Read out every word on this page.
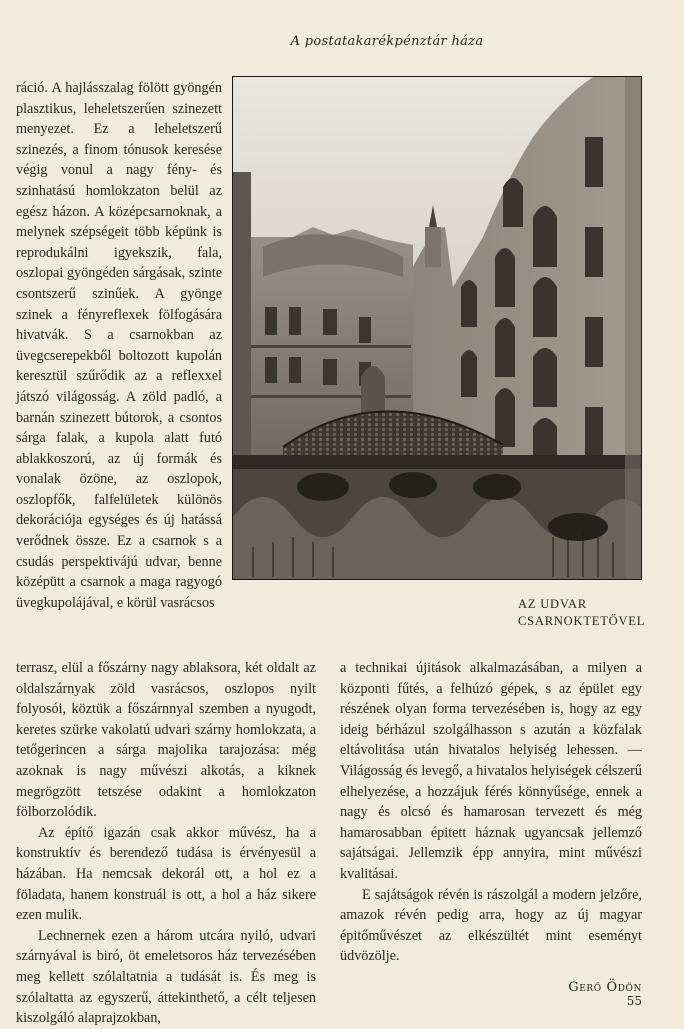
A postatakarékpénztár háza

ráció. A hajlásszalag fölött gyöngén plasztikus, leheletszerűen szinezett menyezet. Ez a leheletszerű szinezés, a finom tónusok keresése végig vonul a nagy fény- és szinhatású homlokzaton belül az egész házon. A középcsarnoknak, a melynek szépségeit több képünk is reprodukálni igyekszik, fala, oszlopai gyöngéden sárgásak, szinte csontszerű szinűek. A gyönge szinek a fényreflexek fölfogására hivatvák. S a csarnokban az üvegcserepekből boltozott kupolán keresztül szűrődik az a reflexxel játszó világosság. A zöld padló, a barnán szinezett bútorok, a csontos sárga falak, a kupola alatt futó ablakkoszorú, az új formák és vonalak özöne, az oszlopok, oszlopfők, falfelületek különös dekorációja egységes és új hatássá verődnek össze. Ez a csarnok s a csudás perspektivájú udvar, benne középütt a csarnok a maga ragyogó üvegkupolájával, e körül vasrácsos	AZ UDVAR
CSARNOKTETŐVEL

terrasz, elül a főszárny nagy ablaksora, két oldalt az oldalszárnyak zöld vasrácsos, oszlopos nyilt folyosói, köztük a főszárnnyal szemben a nyugodt, keretes szürke vakolatú udvari szárny homlokzata, a tetőgerincen a sárga majolika tarajozása: még azoknak is nagy művészi alkotás, a kiknek megrögzött tetszése odakint a homlokzaton fölborzolódik.

Az építő igazán csak akkor művész, ha a konstruktív és berendező tudása is érvényesül a házában. Ha nemcsak dekorál ott, a hol ez a föladata, hanem konstruál is ott, a hol a ház sikere ezen mulik.

Lechnernek ezen a három utcára nyiló, udvari szárnyával is biró, öt emeletsoros ház tervezésében meg kellett szólaltatnia a tudását is. És meg is szólaltatta az egyszerű, áttekinthető, a célt teljesen kiszolgáló alaprajzokban,

a technikai újitások alkalmazásában, a milyen a központi fűtés, a felhúzó gépek, s az épület egy részének olyan forma tervezésében is, hogy az egy ideig bérházul szolgálhasson s azután a közfalak eltávolitása után hivatalos helyiség lehessen. — Világosság és levegő, a hivatalos helyiségek célszerű elhelyezése, a hozzájuk férés könnyűsége, ennek a nagy és olcsó és hamarosan tervezett és még hamarosabban épitett háznak ugyancsak jellemző sajátságai. Jellemzik épp annyira, mint művészi kvalitásai.

E sajátságok révén is rászolgál a modern jelzőre, amazok révén pedig arra, hogy az új magyar épitőművészet az elkészültét mint eseményt üdvözölje.

Gerő Ödön
55
